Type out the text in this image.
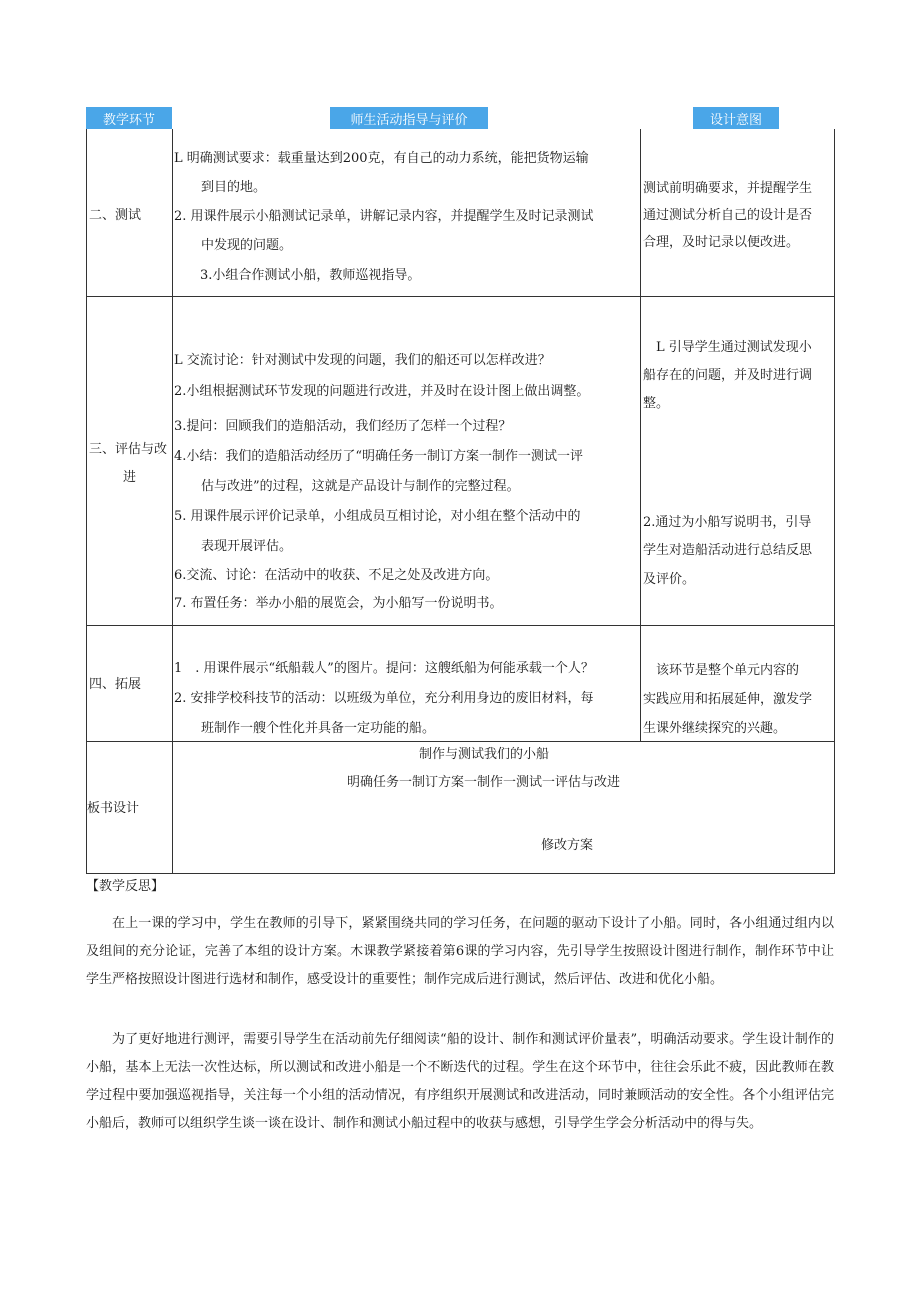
教学环节	师生活动指导与评价	设计意图
二、测试
L 明确测试要求：载重量达到200克，有自己的动力系统，能把货物运输
到目的地。
2. 用课件展示小船测试记录单，讲解记录内容，并提醒学生及时记录测试
中发现的问题。
3.小组合作测试小船，教师巡视指导。
测试前明确要求，并提醒学生
通过测试分析自己的设计是否
合理，及时记录以便改进。
三、评估与改
进
L 交流讨论：针对测试中发现的问题，我们的船还可以怎样改进？
2.小组根据测试环节发现的问题进行改进，并及时在设计图上做出调整。
3.提问：回顾我们的造船活动，我们经历了怎样一个过程？
4.小结：我们的造船活动经历了“明确任务一制订方案一制作一测试一评
估与改进”的过程，这就是产品设计与制作的完整过程。
5. 用课件展示评价记录单，小组成员互相讨论，对小组在整个活动中的
表现开展评估。
6.交流、讨论：在活动中的收获、不足之处及改进方向。
7. 布置任务：举办小船的展览会，为小船写一份说明书。
L 引导学生通过测试发现小
船存在的问题，并及时进行调
整。
2.通过为小船写说明书，引导
学生对造船活动进行总结反思
及评价。
四、拓展
1　. 用课件展示“纸船载人”的图片。提问：这艘纸船为何能承载一个人？
2. 安排学校科技节的活动：以班级为单位，充分利用身边的废旧材料，每
班制作一艘个性化并具备一定功能的船。
该环节是整个单元内容的
实践应用和拓展延伸，激发学
生课外继续探究的兴趣。
板书设计
制作与测试我们的小船
明确任务一制订方案一制作一测试一评估与改进
修改方案
【教学反思】

在上一课的学习中，学生在教师的引导下，紧紧围绕共同的学习任务，在问题的驱动下设计了小船。同时，各小组通过组内以及组间的充分论证，完善了本组的设计方案。木课教学紧接着第6课的学习内容，先引导学生按照设计图进行制作，制作环节中让学生严格按照设计图进行选材和制作，感受设计的重要性；制作完成后进行测试，然后评估、改进和优化小船。

为了更好地进行测评，需要引导学生在活动前先仔细阅读“船的设计、制作和测试评价量表”，明确活动要求。学生设计制作的小船，基本上无法一次性达标，所以测试和改进小船是一个不断迭代的过程。学生在这个环节中，往往会乐此不疲，因此教师在教学过程中要加强巡视指导，关注每一个小组的活动情况，有序组织开展测试和改进活动，同时兼顾活动的安全性。各个小组评估完小船后，教师可以组织学生谈一谈在设计、制作和测试小船过程中的收获与感想，引导学生学会分析活动中的得与失。
